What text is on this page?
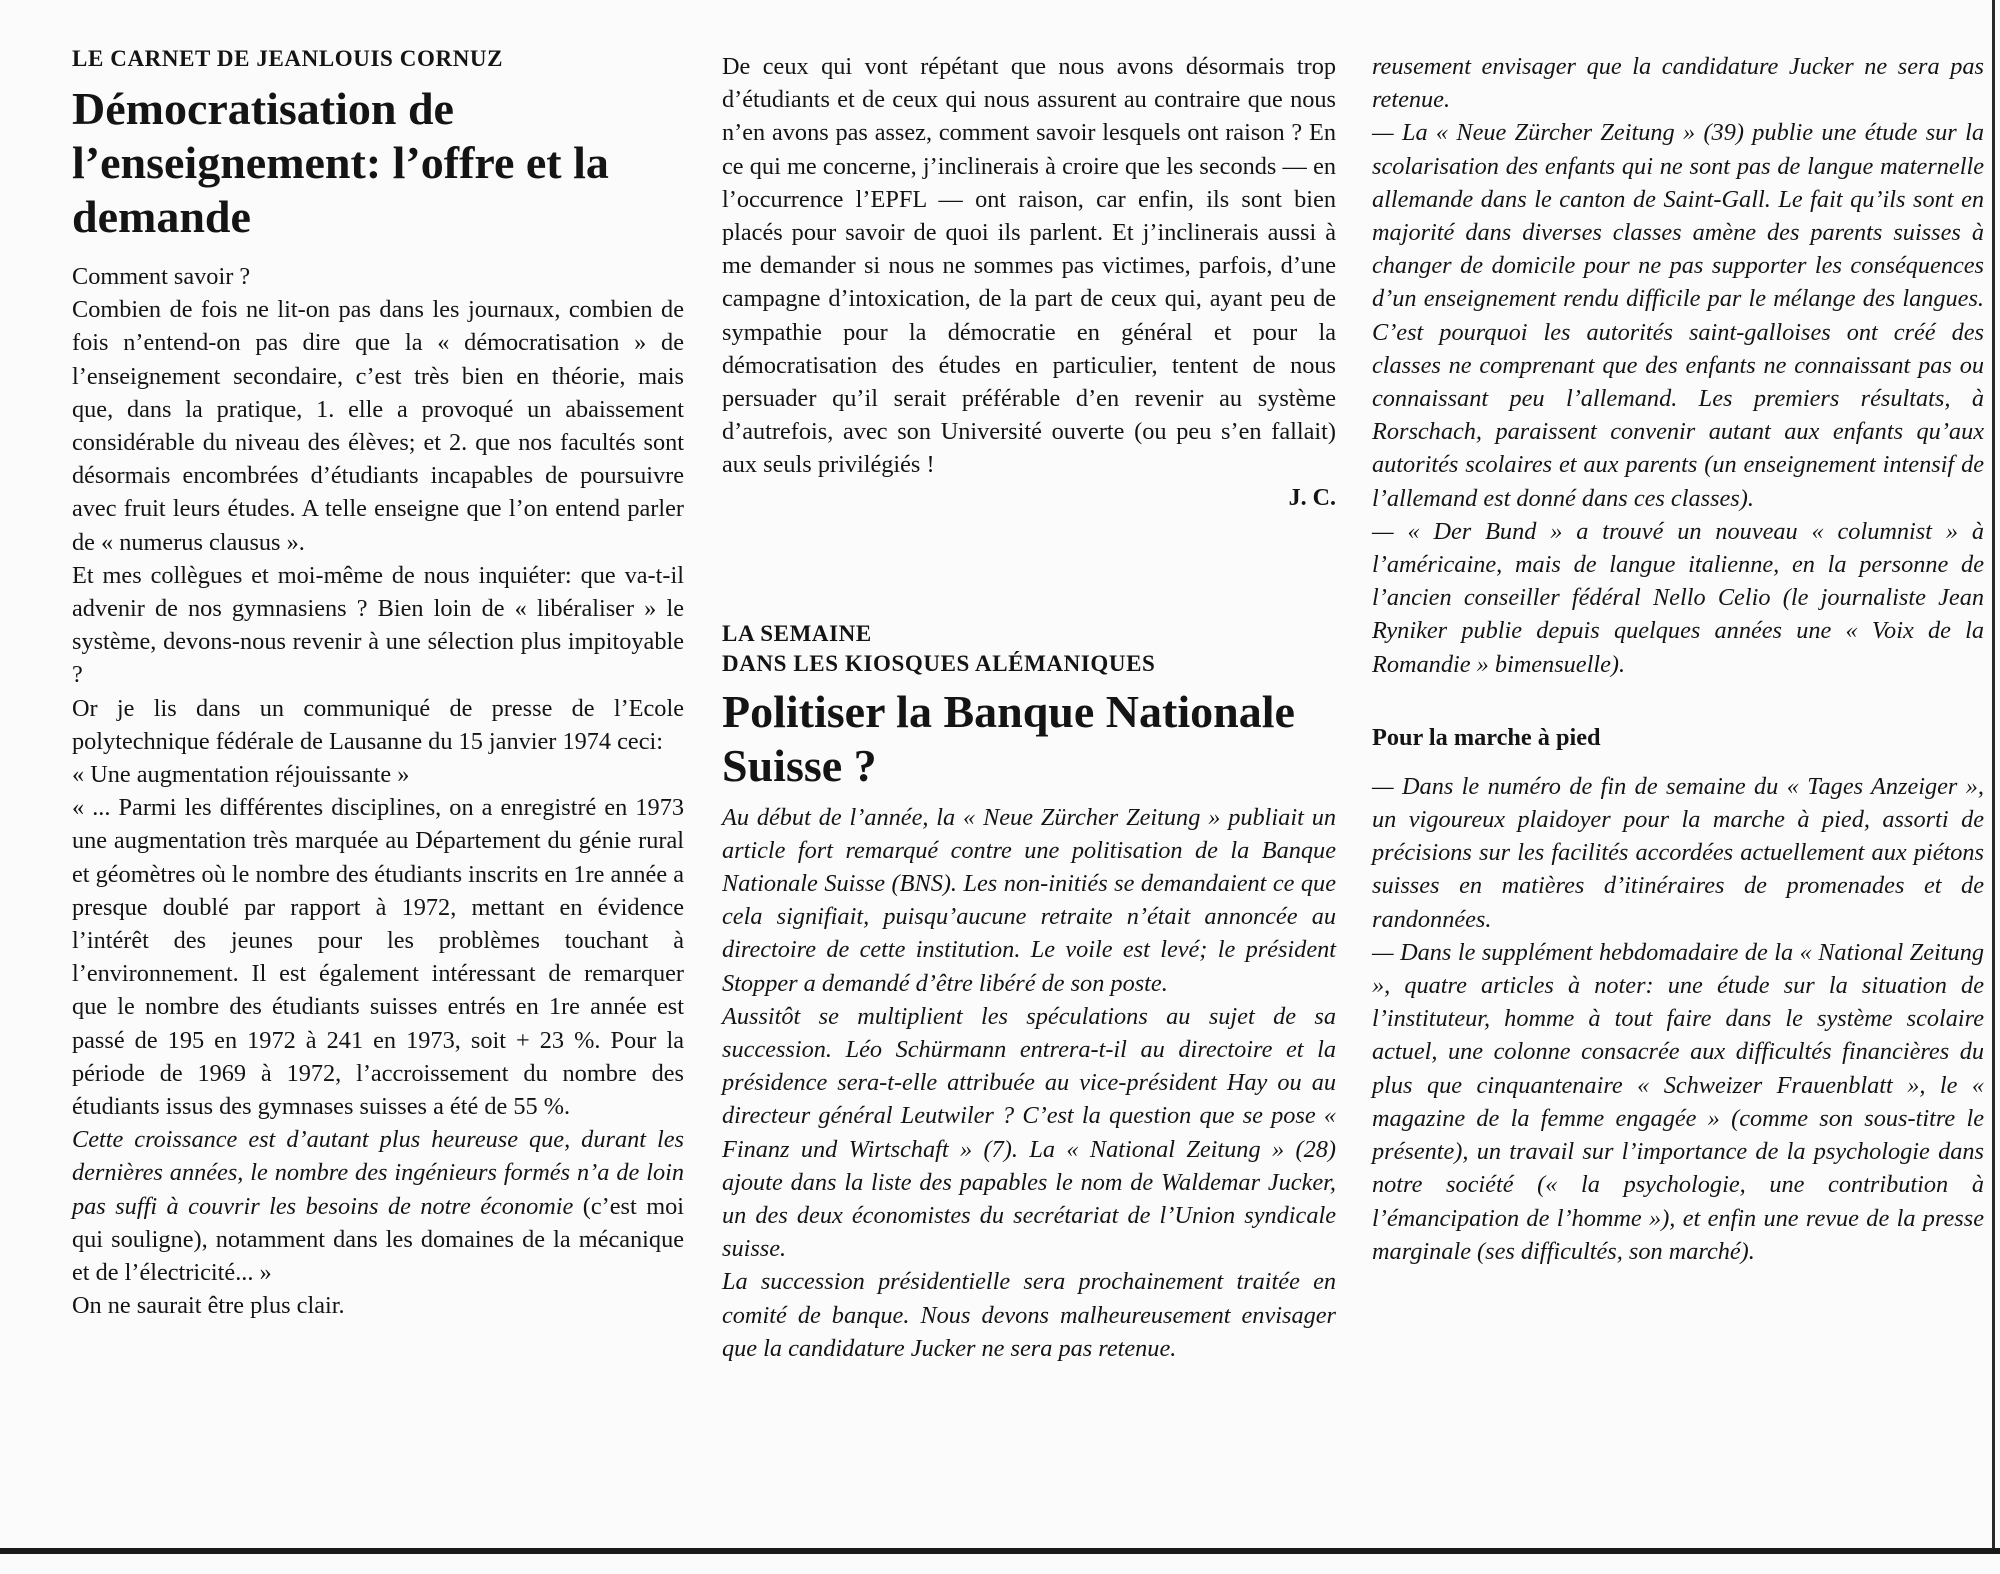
LE CARNET DE JEANLOUIS CORNUZ

Démocratisation de l’enseignement: l’offre et la demande

Comment savoir ?

Combien de fois ne lit-on pas dans les journaux, combien de fois n’entend-on pas dire que la « démocratisation » de l’enseignement secondaire, c’est très bien en théorie, mais que, dans la pratique, 1. elle a provoqué un abaissement considérable du niveau des élèves; et 2. que nos facultés sont désormais encombrées d’étudiants incapables de poursuivre avec fruit leurs études. A telle enseigne que l’on entend parler de « numerus clausus ».

Et mes collègues et moi-même de nous inquiéter: que va-t-il advenir de nos gymnasiens ? Bien loin de « libéraliser » le système, devons-nous revenir à une sélection plus impitoyable ?

Or je lis dans un communiqué de presse de l’Ecole polytechnique fédérale de Lausanne du 15 janvier 1974 ceci:

« Une augmentation réjouissante »

« ... Parmi les différentes disciplines, on a enregistré en 1973 une augmentation très marquée au Département du génie rural et géomètres où le nombre des étudiants inscrits en 1re année a presque doublé par rapport à 1972, mettant en évidence l’intérêt des jeunes pour les problèmes touchant à l’environnement. Il est également intéressant de remarquer que le nombre des étudiants suisses entrés en 1re année est passé de 195 en 1972 à 241 en 1973, soit + 23 %. Pour la période de 1969 à 1972, l’accroissement du nombre des étudiants issus des gymnases suisses a été de 55 %.

Cette croissance est d’autant plus heureuse que, durant les dernières années, le nombre des ingénieurs formés n’a de loin pas suffi à couvrir les besoins de notre économie (c’est moi qui souligne), notamment dans les domaines de la mécanique et de l’électricité... »

On ne saurait être plus clair.

De ceux qui vont répétant que nous avons désormais trop d’étudiants et de ceux qui nous assurent au contraire que nous n’en avons pas assez, comment savoir lesquels ont raison ? En ce qui me concerne, j’inclinerais à croire que les seconds — en l’occurrence l’EPFL — ont raison, car enfin, ils sont bien placés pour savoir de quoi ils parlent. Et j’inclinerais aussi à me demander si nous ne sommes pas victimes, parfois, d’une campagne d’intoxication, de la part de ceux qui, ayant peu de sympathie pour la démocratie en général et pour la démocratisation des études en particulier, tentent de nous persuader qu’il serait préférable d’en revenir au système d’autrefois, avec son Université ouverte (ou peu s’en fallait) aux seuls privilégiés !

J. C.

LA SEMAINE

DANS LES KIOSQUES ALÉMANIQUES

Politiser la Banque Nationale Suisse ?

Au début de l’année, la « Neue Zürcher Zeitung » publiait un article fort remarqué contre une politisation de la Banque Nationale Suisse (BNS). Les non-initiés se demandaient ce que cela signifiait, puisqu’aucune retraite n’était annoncée au directoire de cette institution. Le voile est levé; le président Stopper a demandé d’être libéré de son poste.

Aussitôt se multiplient les spéculations au sujet de sa succession. Léo Schürmann entrera-t-il au directoire et la présidence sera-t-elle attribuée au vice-président Hay ou au directeur général Leutwiler ? C’est la question que se pose « Finanz und Wirtschaft » (7). La « National Zeitung » (28) ajoute dans la liste des papables le nom de Waldemar Jucker, un des deux économistes du secrétariat de l’Union syndicale suisse.

La succession présidentielle sera prochainement traitée en comité de banque. Nous devons malheureusement envisager que la candidature Jucker ne sera pas retenue.

reusement envisager que la candidature Jucker ne sera pas retenue.

— La « Neue Zürcher Zeitung » (39) publie une étude sur la scolarisation des enfants qui ne sont pas de langue maternelle allemande dans le canton de Saint-Gall. Le fait qu’ils sont en majorité dans diverses classes amène des parents suisses à changer de domicile pour ne pas supporter les conséquences d’un enseignement rendu difficile par le mélange des langues. C’est pourquoi les autorités saint-galloises ont créé des classes ne comprenant que des enfants ne connaissant pas ou connaissant peu l’allemand. Les premiers résultats, à Rorschach, paraissent convenir autant aux enfants qu’aux autorités scolaires et aux parents (un enseignement intensif de l’allemand est donné dans ces classes).

— « Der Bund » a trouvé un nouveau « columnist » à l’américaine, mais de langue italienne, en la personne de l’ancien conseiller fédéral Nello Celio (le journaliste Jean Ryniker publie depuis quelques années une « Voix de la Romandie » bimensuelle).

Pour la marche à pied

— Dans le numéro de fin de semaine du « Tages Anzeiger », un vigoureux plaidoyer pour la marche à pied, assorti de précisions sur les facilités accordées actuellement aux piétons suisses en matières d’itinéraires de promenades et de randonnées.

— Dans le supplément hebdomadaire de la « National Zeitung », quatre articles à noter: une étude sur la situation de l’instituteur, homme à tout faire dans le système scolaire actuel, une colonne consacrée aux difficultés financières du plus que cinquantenaire « Schweizer Frauenblatt », le « magazine de la femme engagée » (comme son sous-titre le présente), un travail sur l’importance de la psychologie dans notre société (« la psychologie, une contribution à l’émancipation de l’homme »), et enfin une revue de la presse marginale (ses difficultés, son marché).
